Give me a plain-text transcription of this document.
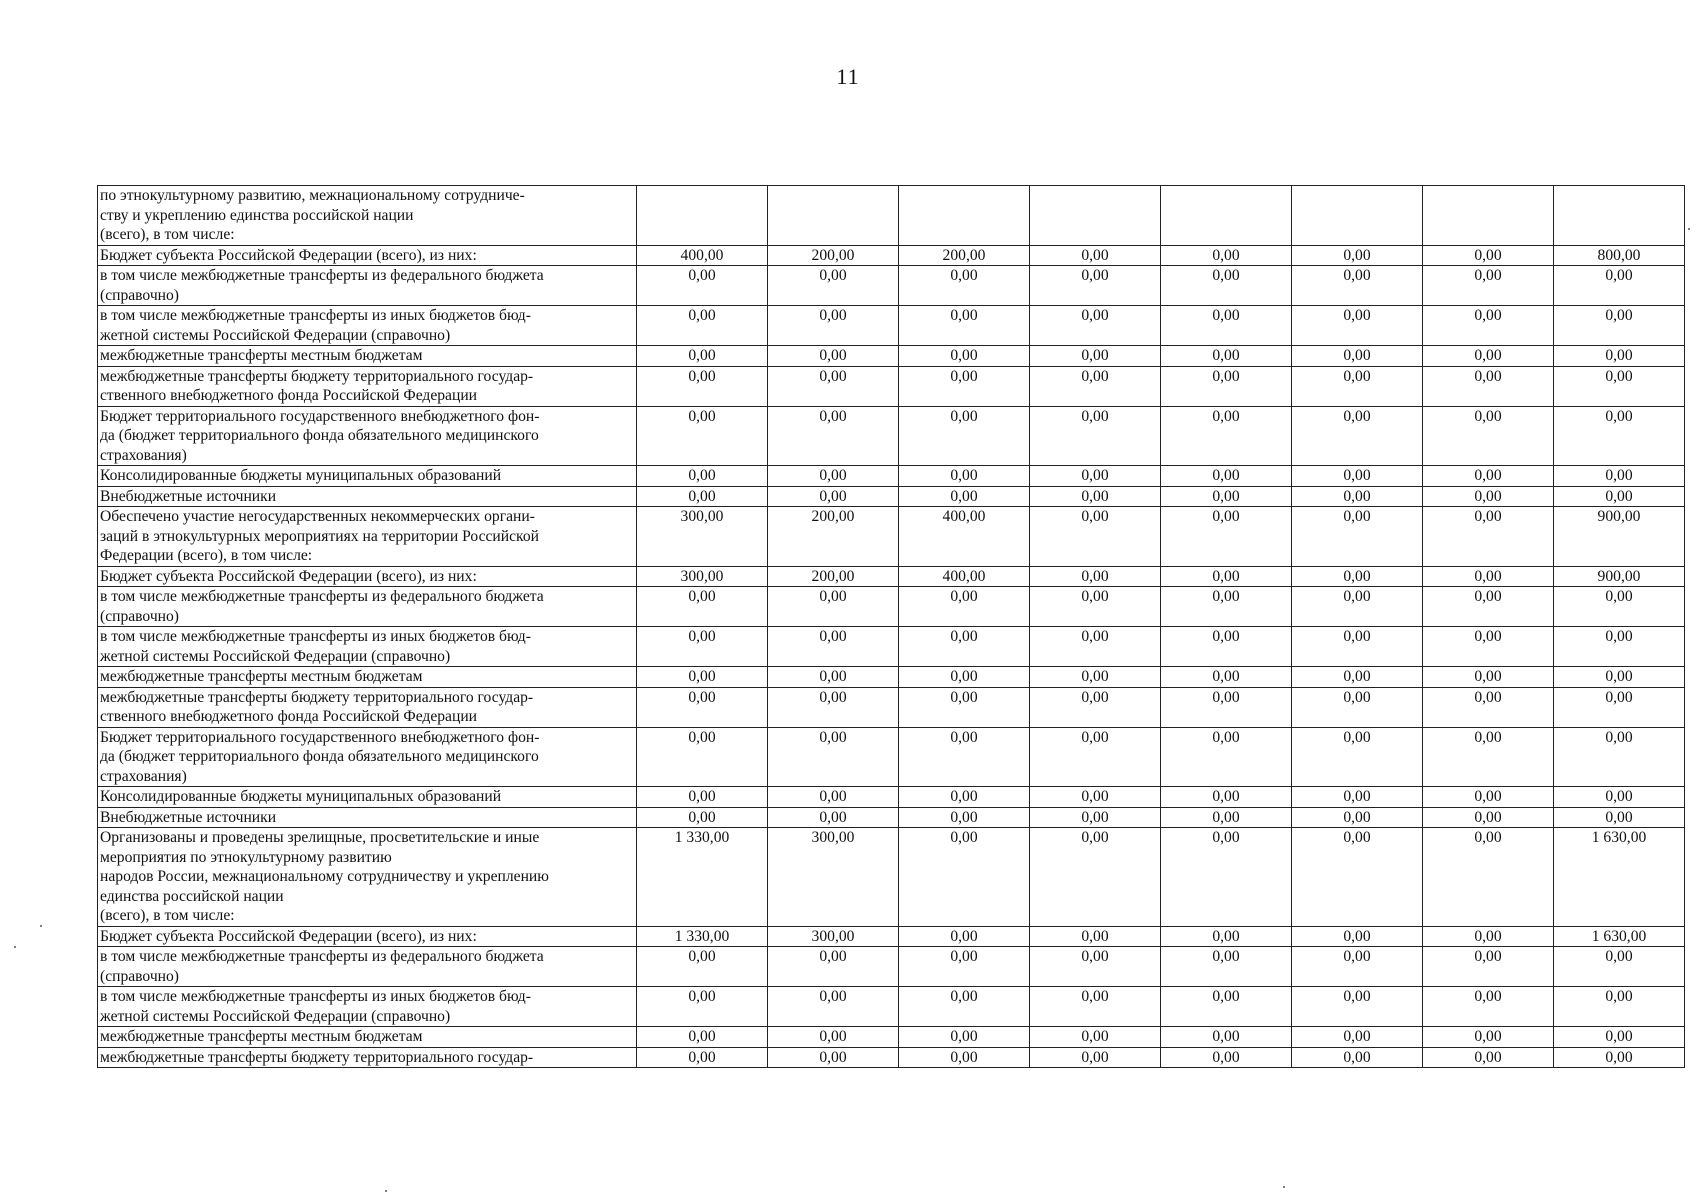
11
по этнокультурному развитию, межнациональному сотрудниче-
ству и укреплению единства российской нации
(всего), в том числе:								
Бюджет субъекта Российской Федерации (всего), из них:	400,00	200,00	200,00	0,00	0,00	0,00	0,00	800,00
в том числе межбюджетные трансферты из федерального бюджета
(справочно)	0,00	0,00	0,00	0,00	0,00	0,00	0,00	0,00
в том числе межбюджетные трансферты из иных бюджетов бюд-
жетной системы Российской Федерации (справочно)	0,00	0,00	0,00	0,00	0,00	0,00	0,00	0,00
межбюджетные трансферты местным бюджетам	0,00	0,00	0,00	0,00	0,00	0,00	0,00	0,00
межбюджетные трансферты бюджету территориального государ-
ственного внебюджетного фонда Российской Федерации	0,00	0,00	0,00	0,00	0,00	0,00	0,00	0,00
Бюджет территориального государственного внебюджетного фон-
да (бюджет территориального фонда обязательного медицинского
страхования)	0,00	0,00	0,00	0,00	0,00	0,00	0,00	0,00
Консолидированные бюджеты муниципальных образований	0,00	0,00	0,00	0,00	0,00	0,00	0,00	0,00
Внебюджетные источники	0,00	0,00	0,00	0,00	0,00	0,00	0,00	0,00
Обеспечено участие негосударственных некоммерческих органи-
заций в этнокультурных мероприятиях на территории Российской
Федерации (всего), в том числе:	300,00	200,00	400,00	0,00	0,00	0,00	0,00	900,00
Бюджет субъекта Российской Федерации (всего), из них:	300,00	200,00	400,00	0,00	0,00	0,00	0,00	900,00
в том числе межбюджетные трансферты из федерального бюджета
(справочно)	0,00	0,00	0,00	0,00	0,00	0,00	0,00	0,00
в том числе межбюджетные трансферты из иных бюджетов бюд-
жетной системы Российской Федерации (справочно)	0,00	0,00	0,00	0,00	0,00	0,00	0,00	0,00
межбюджетные трансферты местным бюджетам	0,00	0,00	0,00	0,00	0,00	0,00	0,00	0,00
межбюджетные трансферты бюджету территориального государ-
ственного внебюджетного фонда Российской Федерации	0,00	0,00	0,00	0,00	0,00	0,00	0,00	0,00
Бюджет территориального государственного внебюджетного фон-
да (бюджет территориального фонда обязательного медицинского
страхования)	0,00	0,00	0,00	0,00	0,00	0,00	0,00	0,00
Консолидированные бюджеты муниципальных образований	0,00	0,00	0,00	0,00	0,00	0,00	0,00	0,00
Внебюджетные источники	0,00	0,00	0,00	0,00	0,00	0,00	0,00	0,00
Организованы и проведены зрелищные, просветительские и иные
мероприятия по этнокультурному развитию
народов России, межнациональному сотрудничеству и укреплению
единства российской нации
(всего), в том числе:	1 330,00	300,00	0,00	0,00	0,00	0,00	0,00	1 630,00
Бюджет субъекта Российской Федерации (всего), из них:	1 330,00	300,00	0,00	0,00	0,00	0,00	0,00	1 630,00
в том числе межбюджетные трансферты из федерального бюджета
(справочно)	0,00	0,00	0,00	0,00	0,00	0,00	0,00	0,00
в том числе межбюджетные трансферты из иных бюджетов бюд-
жетной системы Российской Федерации (справочно)	0,00	0,00	0,00	0,00	0,00	0,00	0,00	0,00
межбюджетные трансферты местным бюджетам	0,00	0,00	0,00	0,00	0,00	0,00	0,00	0,00
межбюджетные трансферты бюджету территориального государ-	0,00	0,00	0,00	0,00	0,00	0,00	0,00	0,00
